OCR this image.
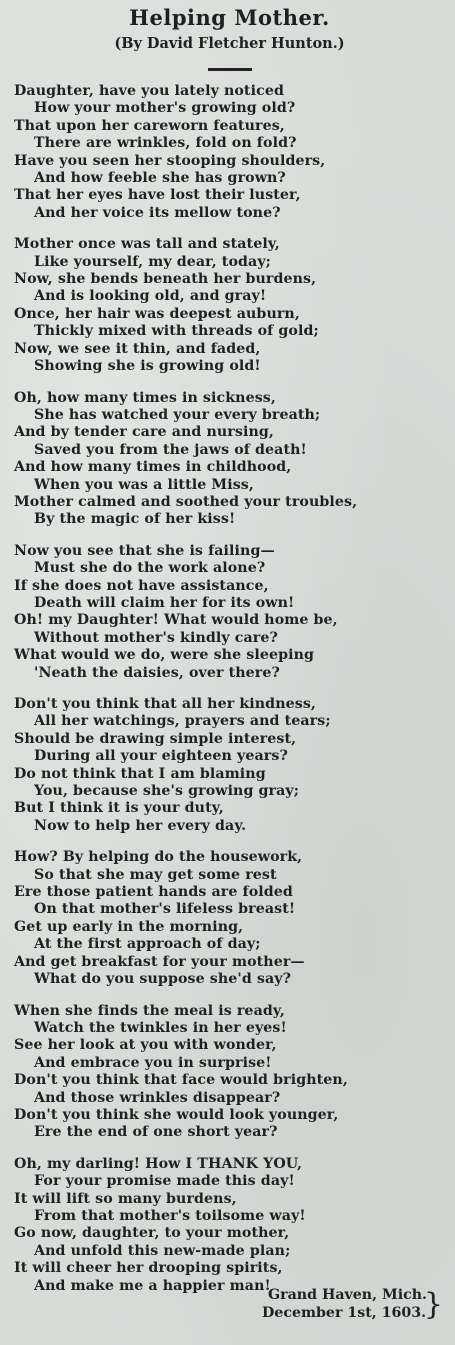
Helping Mother.
(By David Fletcher Hunton.)
Daughter, have you lately noticed
How your mother's growing old?
That upon her careworn features,
There are wrinkles, fold on fold?
Have you seen her stooping shoulders,
And how feeble she has grown?
That her eyes have lost their luster,
And her voice its mellow tone?
Mother once was tall and stately,
Like yourself, my dear, today;
Now, she bends beneath her burdens,
And is looking old, and gray!
Once, her hair was deepest auburn,
Thickly mixed with threads of gold;
Now, we see it thin, and faded,
Showing she is growing old!
Oh, how many times in sickness,
She has watched your every breath;
And by tender care and nursing,
Saved you from the jaws of death!
And how many times in childhood,
When you was a little Miss,
Mother calmed and soothed your troubles,
By the magic of her kiss!
Now you see that she is failing—
Must she do the work alone?
If she does not have assistance,
Death will claim her for its own!
Oh! my Daughter! What would home be,
Without mother's kindly care?
What would we do, were she sleeping
'Neath the daisies, over there?
Don't you think that all her kindness,
All her watchings, prayers and tears;
Should be drawing simple interest,
During all your eighteen years?
Do not think that I am blaming
You, because she's growing gray;
But I think it is your duty,
Now to help her every day.
How? By helping do the housework,
So that she may get some rest
Ere those patient hands are folded
On that mother's lifeless breast!
Get up early in the morning,
At the first approach of day;
And get breakfast for your mother—
What do you suppose she'd say?
When she finds the meal is ready,
Watch the twinkles in her eyes!
See her look at you with wonder,
And embrace you in surprise!
Don't you think that face would brighten,
And those wrinkles disappear?
Don't you think she would look younger,
Ere the end of one short year?
Oh, my darling! How I THANK YOU,
For your promise made this day!
It will lift so many burdens,
From that mother's toilsome way!
Go now, daughter, to your mother,
And unfold this new-made plan;
It will cheer her drooping spirits,
And make me a happier man!
Grand Haven, Mich.
December 1st, 1603.
}
